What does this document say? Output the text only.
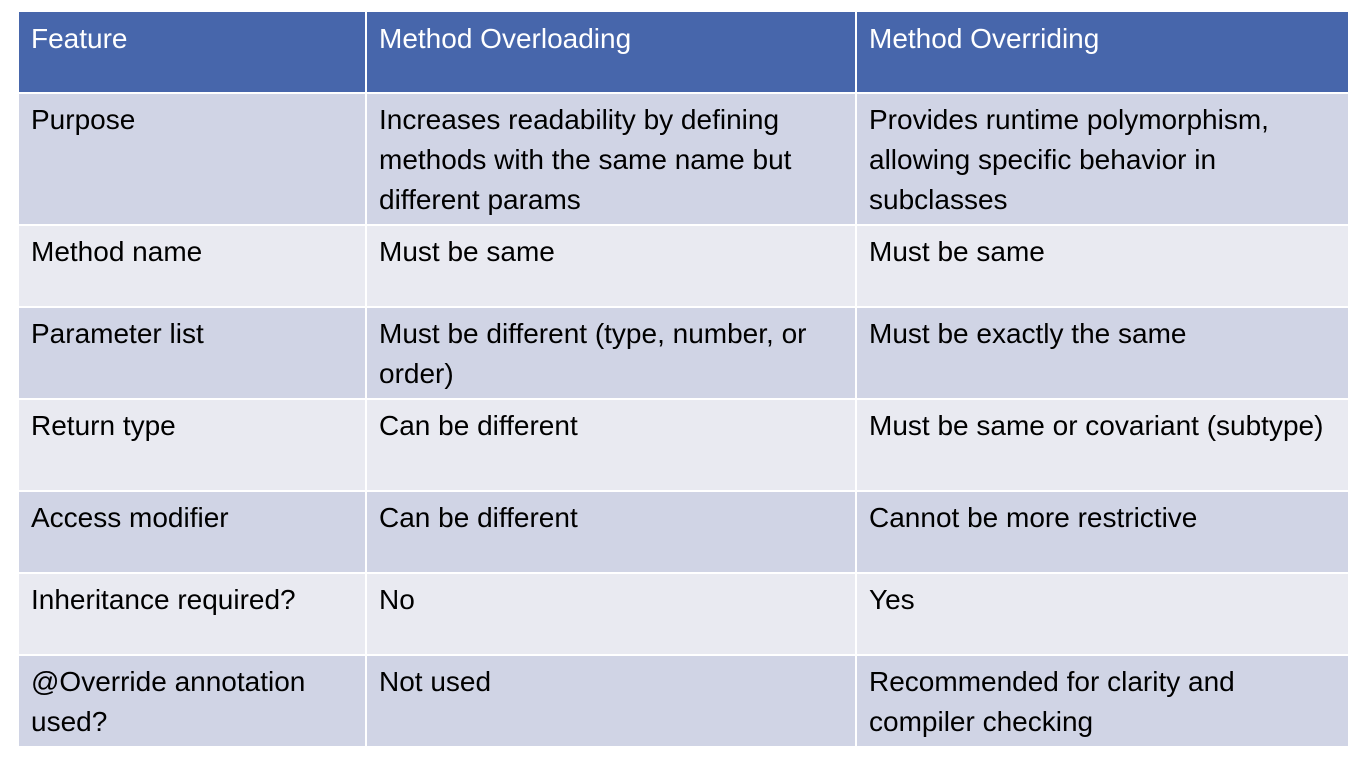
Feature	Method Overloading	Method Overriding
Purpose	Increases readability by defining methods with the same name but different params	Provides runtime polymorphism, allowing specific behavior in subclasses
Method name	Must be same	Must be same
Parameter list	Must be different (type, number, or order)	Must be exactly the same
Return type	Can be different	Must be same or covariant (subtype)
Access modifier	Can be different	Cannot be more restrictive
Inheritance required?	No	Yes
@Override annotation used?	Not used	Recommended for clarity and compiler checking
